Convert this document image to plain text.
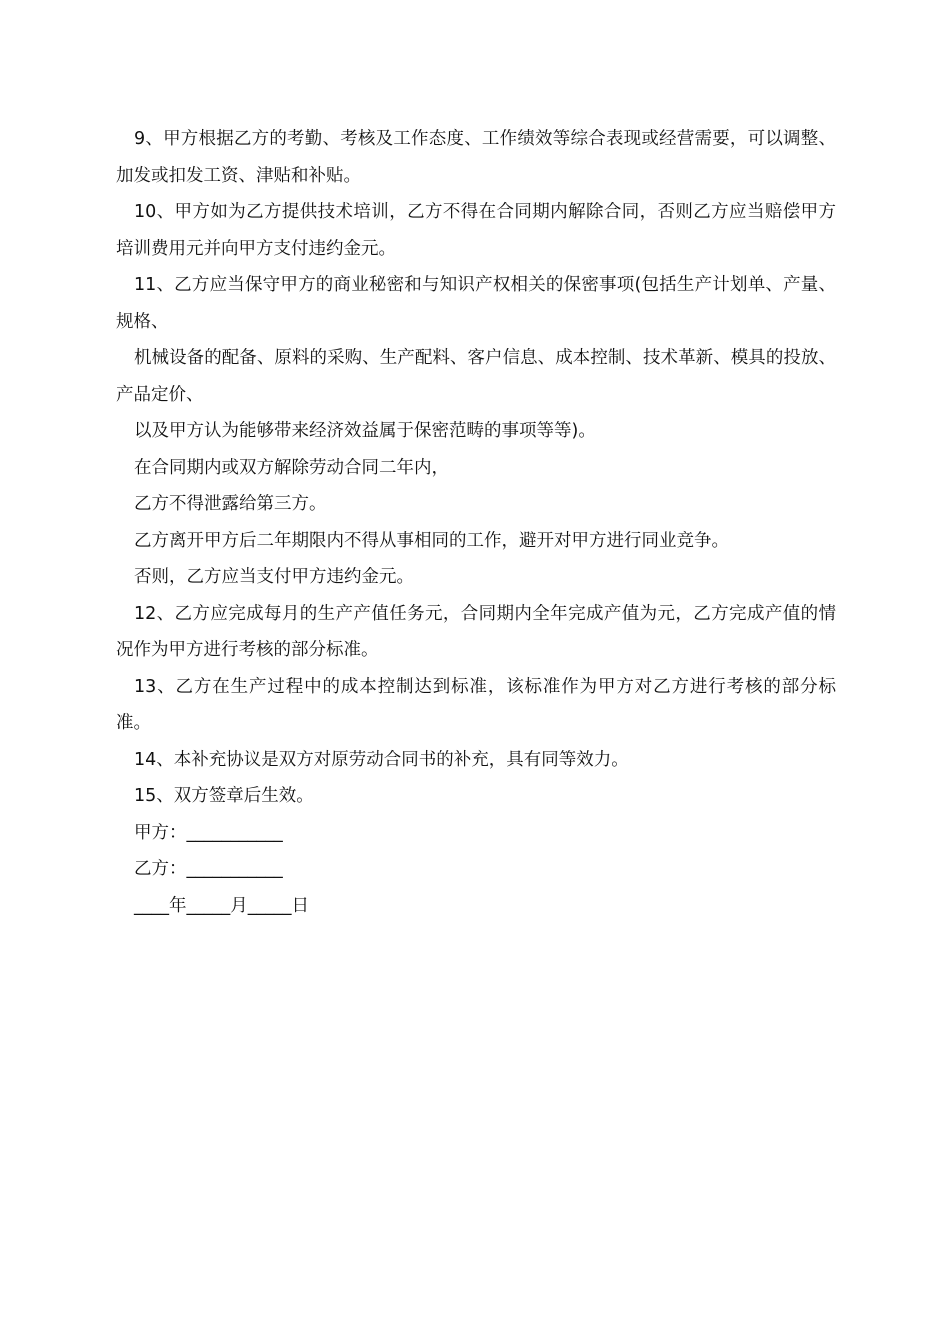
9、甲方根据乙方的考勤、考核及工作态度、工作绩效等综合表现或经营需要，可以调整、加发或扣发工资、津贴和补贴。

10、甲方如为乙方提供技术培训，乙方不得在合同期内解除合同，否则乙方应当赔偿甲方培训费用元并向甲方支付违约金元。

11、乙方应当保守甲方的商业秘密和与知识产权相关的保密事项(包括生产计划单、产量、规格、

机械设备的配备、原料的采购、生产配料、客户信息、成本控制、技术革新、模具的投放、产品定价、

以及甲方认为能够带来经济效益属于保密范畴的事项等等)。

在合同期内或双方解除劳动合同二年内，

乙方不得泄露给第三方。

乙方离开甲方后二年期限内不得从事相同的工作，避开对甲方进行同业竞争。

否则，乙方应当支付甲方违约金元。

12、乙方应完成每月的生产产值任务元，合同期内全年完成产值为元，乙方完成产值的情况作为甲方进行考核的部分标准。

13、乙方在生产过程中的成本控制达到标准，该标准作为甲方对乙方进行考核的部分标准。

14、本补充协议是双方对原劳动合同书的补充，具有同等效力。

15、双方签章后生效。

甲方：___________

乙方：___________

____年_____月_____日
